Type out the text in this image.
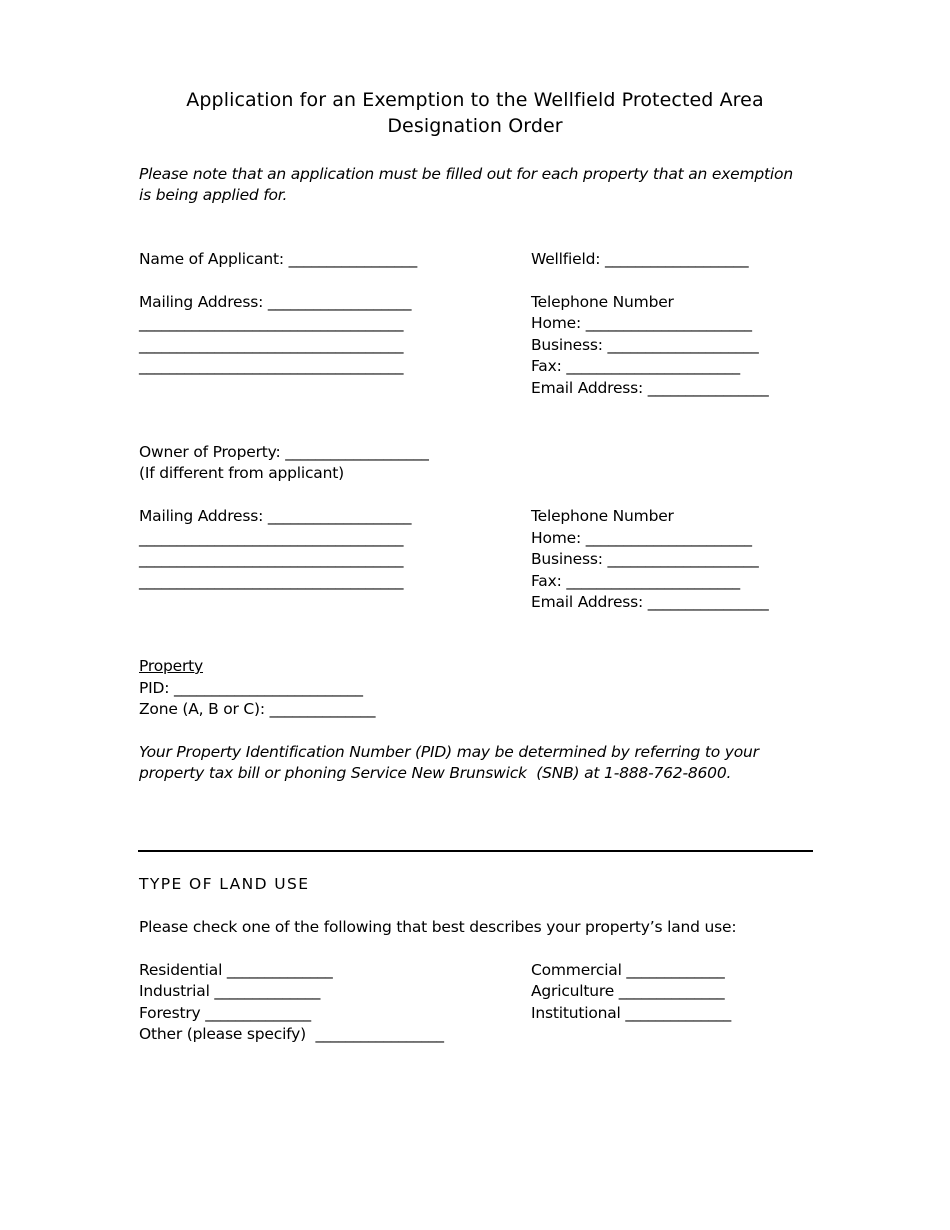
Application for an Exemption to the Wellfield Protected Area
Designation Order
Please note that an application must be filled out for each property that an exemption
is being applied for.
Name of Applicant: _________________
Mailing Address: ___________________
___________________________________
___________________________________
___________________________________
Wellfield: ___________________
Telephone Number
Home: ______________________
Business: ____________________
Fax: _______________________
Email Address: ________________
Owner of Property: ___________________
(If different from applicant)
Mailing Address: ___________________
___________________________________
___________________________________
___________________________________
Telephone Number
Home: ______________________
Business: ____________________
Fax: _______________________
Email Address: ________________
Property
PID: _________________________
Zone (A, B or C): ______________
Your Property Identification Number (PID) may be determined by referring to your
property tax bill or phoning Service New Brunswick  (SNB) at 1-888-762-8600.
TYPE OF LAND USE
Please check one of the following that best describes your property’s land use:
Residential ______________
Industrial ______________
Forestry ______________
Other (please specify)  _________________
Commercial _____________
Agriculture ______________
Institutional ______________
